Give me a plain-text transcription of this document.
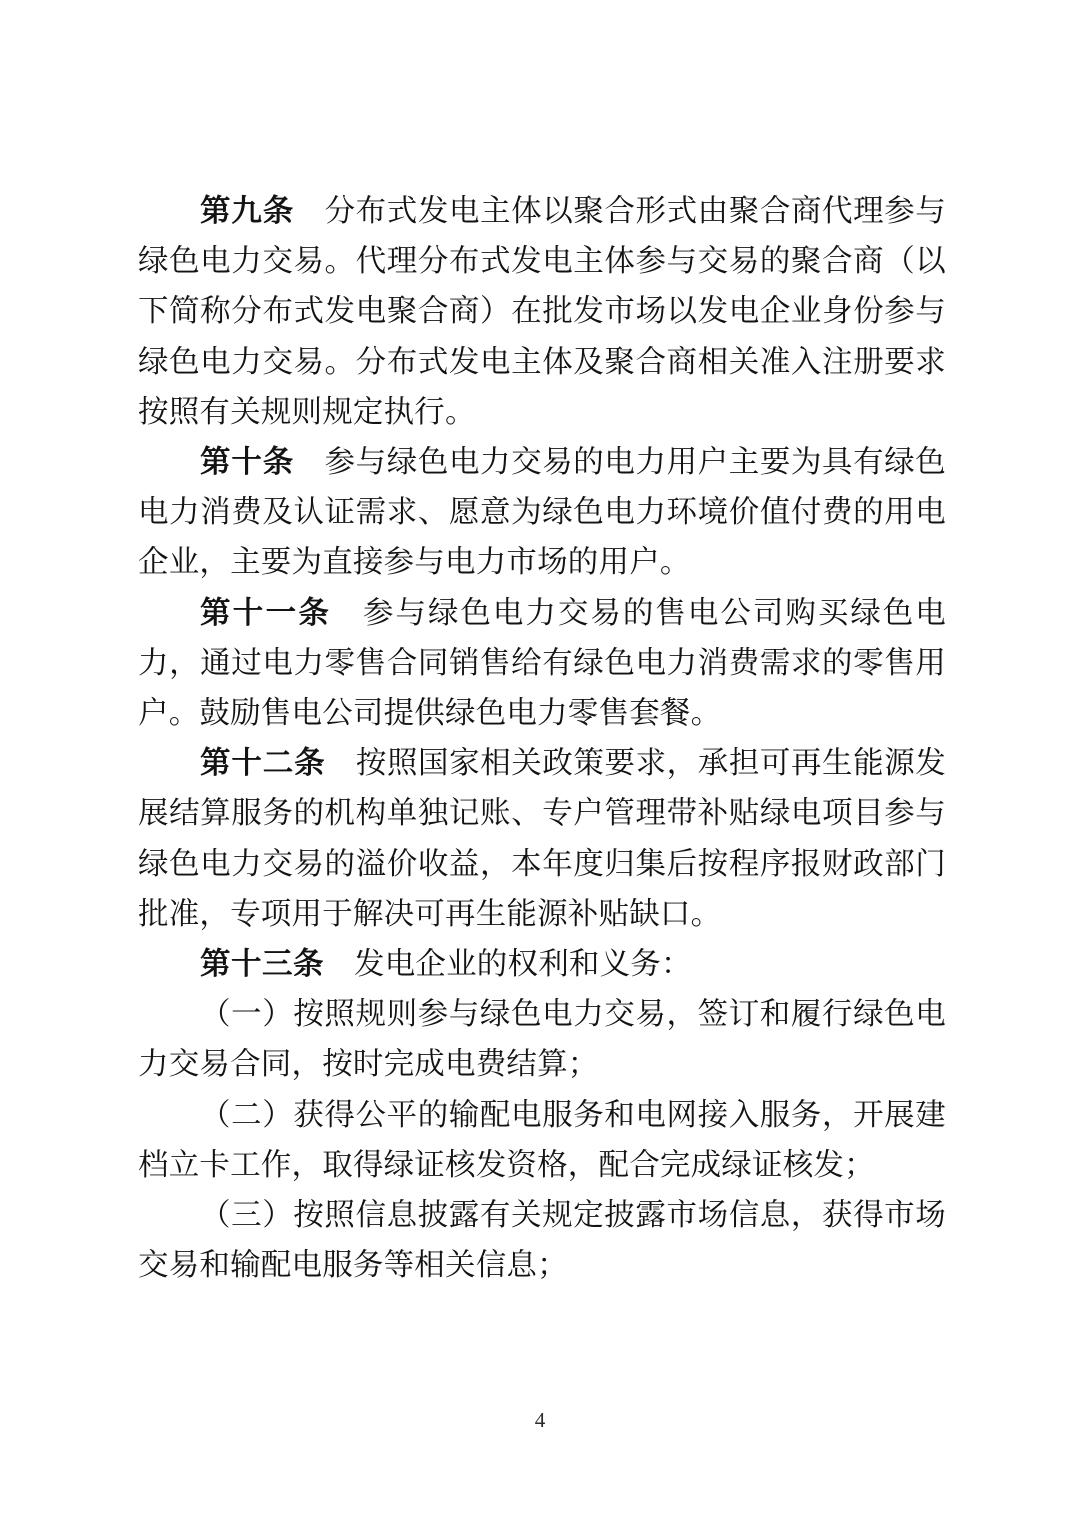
第九条 分布式发电主体以聚合形式由聚合商代理参与绿色电力交易。代理分布式发电主体参与交易的聚合商（以下简称分布式发电聚合商）在批发市场以发电企业身份参与绿色电力交易。分布式发电主体及聚合商相关准入注册要求按照有关规则规定执行。

第十条 参与绿色电力交易的电力用户主要为具有绿色电力消费及认证需求、愿意为绿色电力环境价值付费的用电企业，主要为直接参与电力市场的用户。

第十一条 参与绿色电力交易的售电公司购买绿色电力，通过电力零售合同销售给有绿色电力消费需求的零售用户。鼓励售电公司提供绿色电力零售套餐。

第十二条 按照国家相关政策要求，承担可再生能源发展结算服务的机构单独记账、专户管理带补贴绿电项目参与绿色电力交易的溢价收益，本年度归集后按程序报财政部门批准，专项用于解决可再生能源补贴缺口。

第十三条 发电企业的权利和义务：

（一）按照规则参与绿色电力交易，签订和履行绿色电力交易合同，按时完成电费结算；

（二）获得公平的输配电服务和电网接入服务，开展建档立卡工作，取得绿证核发资格，配合完成绿证核发；

（三）按照信息披露有关规定披露市场信息，获得市场交易和输配电服务等相关信息；

4
